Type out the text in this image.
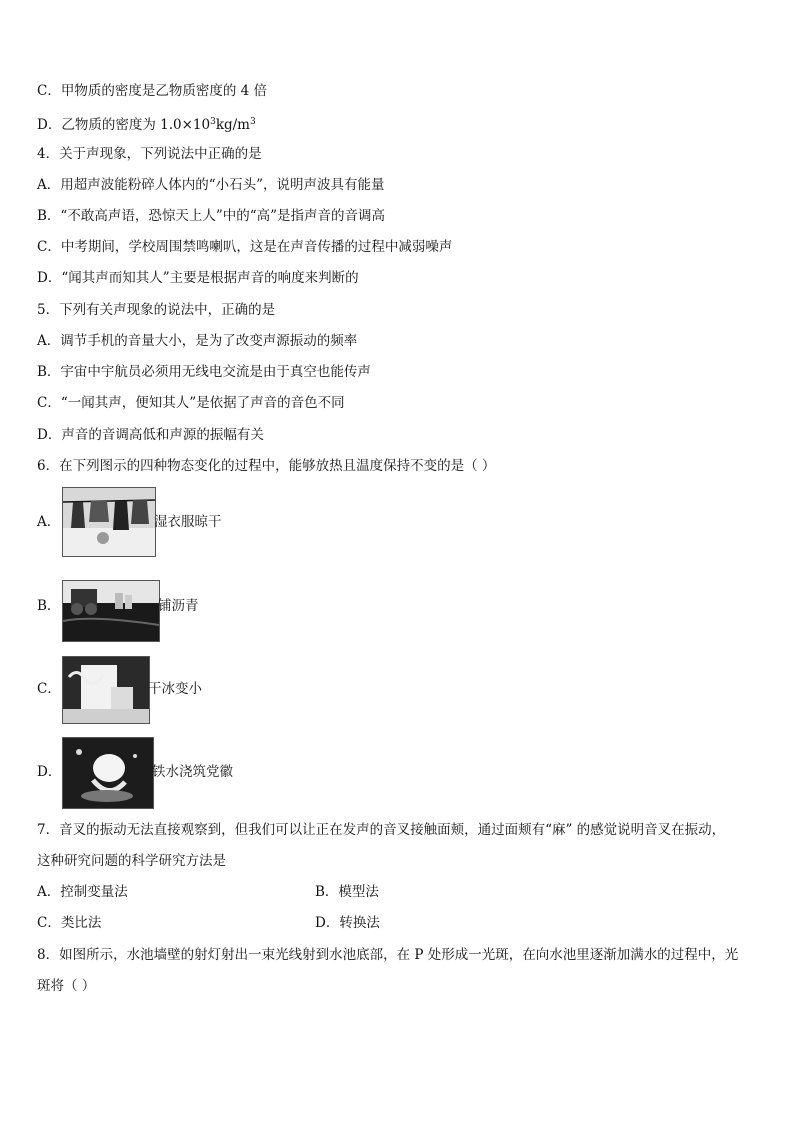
C．甲物质的密度是乙物质密度的 4 倍
D．乙物质的密度为 $1.0\times 10^3kg/m^3$
4．关于声现象，下列说法中正确的是
A．用超声波能粉碎人体内的“小石头”，说明声波具有能量
B．“不敢高声语，恐惊天上人”中的“高”是指声音的音调高
C．中考期间，学校周围禁鸣喇叭，这是在声音传播的过程中减弱噪声
D．“闻其声而知其人”主要是根据声音的响度来判断的
5．下列有关声现象的说法中，正确的是
A．调节手机的音量大小，是为了改变声源振动的频率
B．宇宙中宇航员必须用无线电交流是由于真空也能传声
C．“一闻其声，便知其人”是依据了声音的音色不同
D．声音的音调高低和声源的振幅有关
6．在下列图示的四种物态变化的过程中，能够放热且温度保持不变的是（ ）
A．	湿衣服晾干
B．	铺沥青
C．	干冰变小
D．	铁水浇筑党徽
7．音叉的振动无法直接观察到，但我们可以让正在发声的音叉接触面颊，通过面颊有“麻” 的感觉说明音叉在振动，
这种研究问题的科学研究方法是
A．控制变量法	B．模型法
C．类比法	D．转换法
8．如图所示，水池墙壁的射灯射出一束光线射到水池底部，在 P 处形成一光斑，在向水池里逐渐加满水的过程中，光
斑将（ ）
